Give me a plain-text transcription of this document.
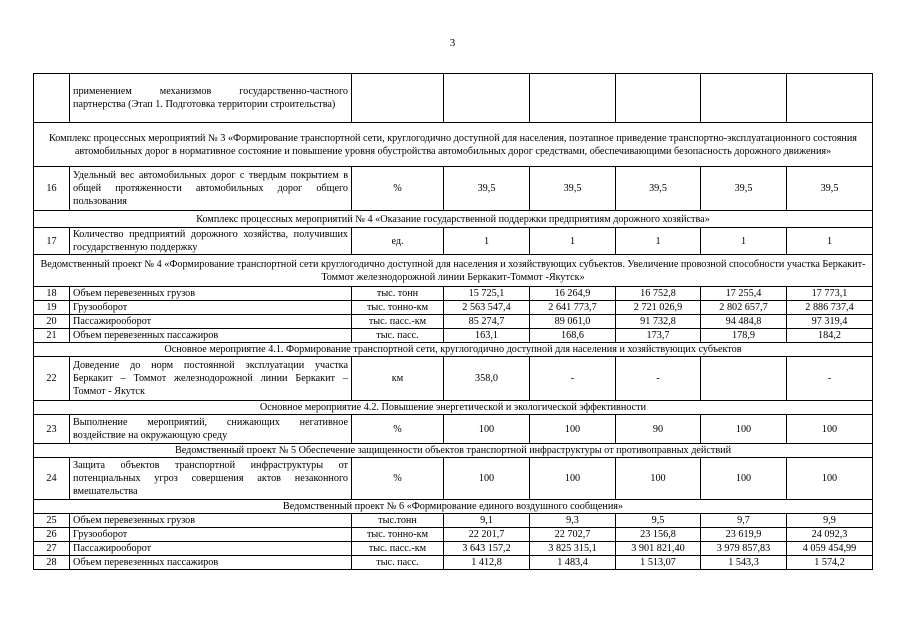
3
	применением механизмов государственно-частного партнерства (Этап 1. Подготовка территории строительства)						
Комплекс процессных мероприятий № 3 «Формирование транспортной сети, круглогодично доступной для населения, поэтапное приведение транспортно-эксплуатационного состояния автомобильных дорог в нормативное состояние и повышение уровня обустройства автомобильных дорог средствами, обеспечивающими безопасность дорожного движения»							
16	Удельный вес автомобильных дорог с твердым покрытием в общей протяженности автомобильных дорог общего пользования	%	39,5	39,5	39,5	39,5	39,5
Комплекс процессных мероприятий № 4 «Оказание государственной поддержки предприятиям дорожного хозяйства»							
17	Количество предприятий дорожного хозяйства, получивших государственную поддержку	ед.	1	1	1	1	1
Ведомственный проект № 4 «Формирование транспортной сети круглогодично доступной для населения и хозяйствующих субъектов. Увеличение провозной способности участка Беркакит-Томмот железнодорожной линии Беркакит-Томмот -Якутск»							
18	Объем перевезенных грузов	тыс. тонн	15 725,1	16 264,9	16 752,8	17 255,4	17 773,1
19	Грузооборот	тыс. тонно-км	2 563 547,4	2 641 773,7	2 721 026,9	2 802 657,7	2 886 737,4
20	Пассажирооборот	тыс. пасс.-км	85 274,7	89 061,0	91 732,8	94 484,8	97 319,4
21	Объем перевезенных пассажиров	тыс. пасс.	163,1	168,6	173,7	178,9	184,2
Основное мероприятие 4.1. Формирование транспортной сети, круглогодично доступной для населения и хозяйствующих субъектов							
22	Доведение до норм постоянной эксплуатации участка Беркакит – Томмот железнодорожной линии Беркакит – Томмот - Якутск	км	358,0	-	-		-
Основное мероприятие 4.2. Повышение энергетической и экологической эффективности							
23	Выполнение мероприятий, снижающих негативное воздействие на окружающую среду	%	100	100	90	100	100
Ведомственный проект № 5 Обеспечение защищенности объектов транспортной инфраструктуры от противоправных действий							
24	Защита объектов транспортной инфраструктуры от потенциальных угроз совершения актов незаконного вмешательства	%	100	100	100	100	100
Ведомственный проект № 6 «Формирование единого воздушного сообщения»							
25	Объем перевезенных грузов	тыс.тонн	9,1	9,3	9,5	9,7	9,9
26	Грузооборот	тыс. тонно-км	22 201,7	22 702,7	23 156,8	23 619,9	24 092,3
27	Пассажирооборот	тыс. пасс.-км	3 643 157,2	3 825 315,1	3 901 821,40	3 979 857,83	4 059 454,99
28	Объем перевезенных пассажиров	тыс. пасс.	1 412,8	1 483,4	1 513,07	1 543,3	1 574,2
